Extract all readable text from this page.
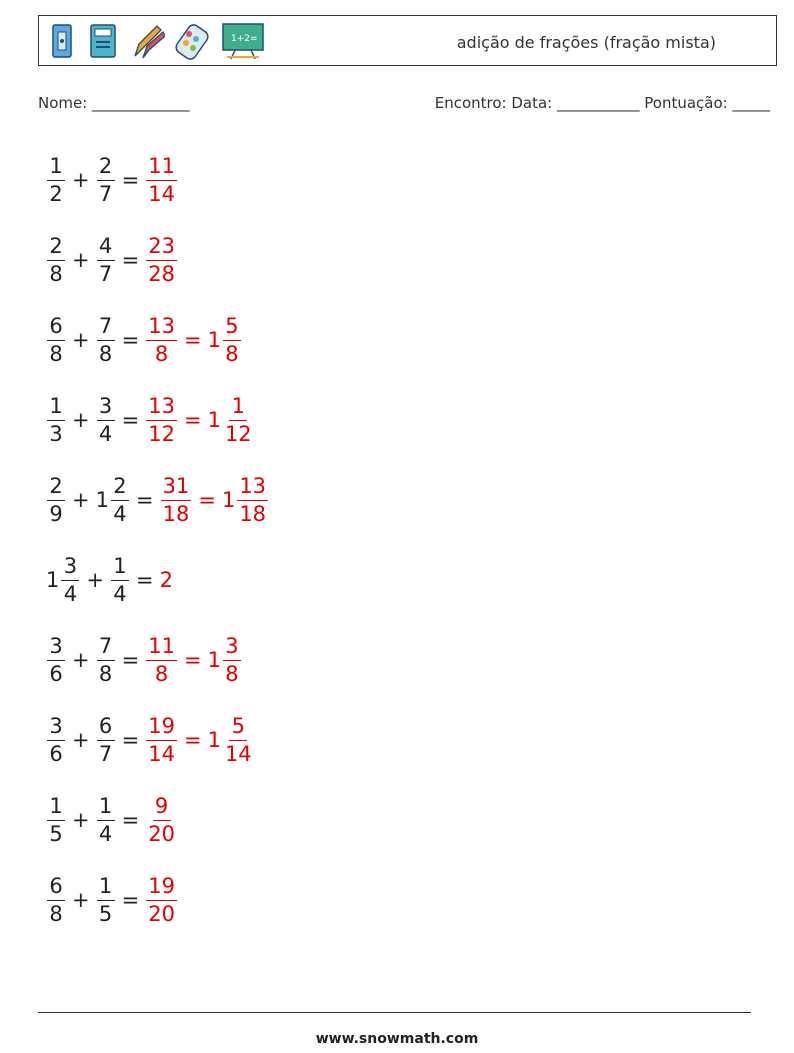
1+2=	adição de frações (fração mista)
Nome: _____________	Encontro: Data: ___________ Pontuação: _____
$\frac{1}{2} + \frac{2}{7} = \frac{11}{14}$
$\frac{2}{8} + \frac{4}{7} = \frac{23}{28}$
$\frac{6}{8} + \frac{7}{8} = \frac{13}{8} = 1 \frac{5}{8}$
$\frac{1}{3} + \frac{3}{4} = \frac{13}{12} = 1 \frac{1}{12}$
$\frac{2}{9} + 1 \frac{2}{4} = \frac{31}{18} = 1 \frac{13}{18}$
$1 \frac{3}{4} + \frac{1}{4} = 2$
$\frac{3}{6} + \frac{7}{8} = \frac{11}{8} = 1 \frac{3}{8}$
$\frac{3}{6} + \frac{6}{7} = \frac{19}{14} = 1 \frac{5}{14}$
$\frac{1}{5} + \frac{1}{4} = \frac{9}{20}$
$\frac{6}{8} + \frac{1}{5} = \frac{19}{20}$
www.snowmath.com
